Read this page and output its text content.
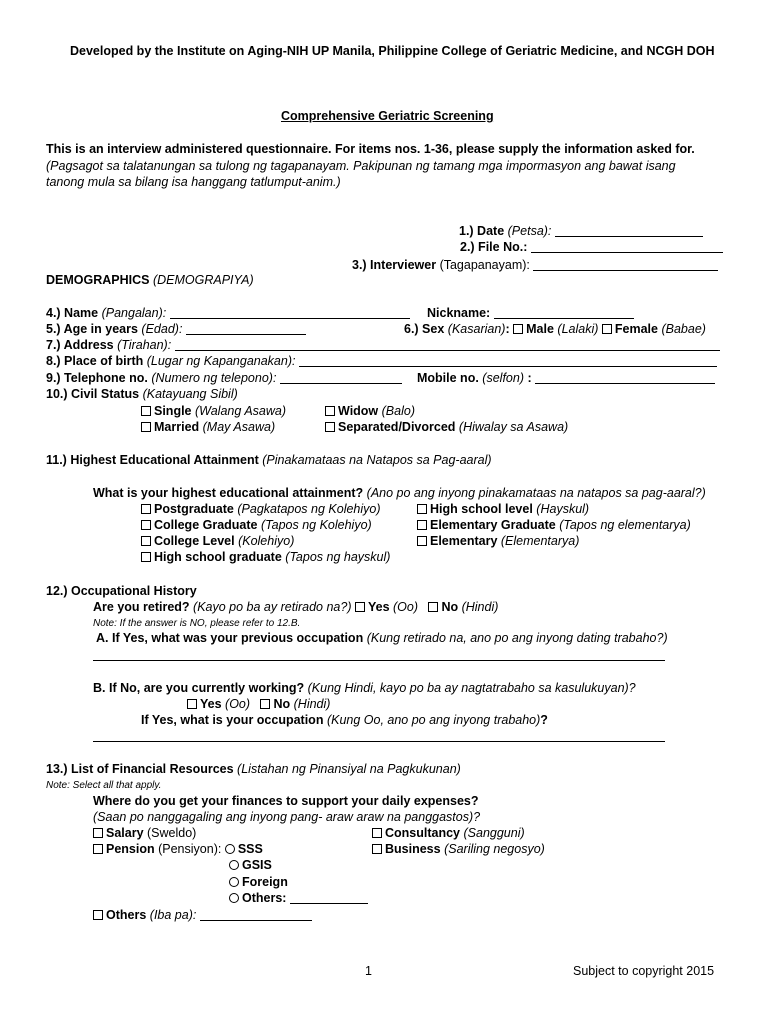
Developed by the Institute on Aging-NIH UP Manila, Philippine College of Geriatric Medicine, and NCGH DOH
Comprehensive Geriatric Screening
This is an interview administered questionnaire. For items nos. 1-36, please supply the information asked for.
(Pagsagot sa talatanungan sa tulong ng tagapanayam. Pakipunan ng tamang mga impormasyon ang bawat isang
tanong mula sa bilang isa hanggang tatlumput-anim.)
1.) Date (Petsa):
2.) File No.:
3.) Interviewer (Tagapanayam):
DEMOGRAPHICS (DEMOGRAPIYA)
4.) Name (Pangalan):	Nickname:
5.) Age in years (Edad):	6.) Sex (Kasarian): Male (Lalaki) Female (Babae)
7.) Address (Tirahan):
8.) Place of birth (Lugar ng Kapanganakan):
9.) Telephone no. (Numero ng telepono):	Mobile no. (selfon) :
10.) Civil Status (Katayuang Sibil)
Single (Walang Asawa)	Widow (Balo)
Married (May Asawa)	Separated/Divorced (Hiwalay sa Asawa)
11.) Highest Educational Attainment (Pinakamataas na Natapos sa Pag-aaral)
What is your highest educational attainment? (Ano po ang inyong pinakamataas na natapos sa pag-aaral?)
Postgraduate (Pagkatapos ng Kolehiyo)	High school level (Hayskul)
College Graduate (Tapos ng Kolehiyo)	Elementary Graduate (Tapos ng elementarya)
College Level (Kolehiyo)	Elementary (Elementarya)
High school graduate (Tapos ng hayskul)
12.) Occupational History
Are you retired? (Kayo po ba ay retirado na?) Yes (Oo) No (Hindi)
Note: If the answer is NO, please refer to 12.B.
A. If Yes, what was your previous occupation (Kung retirado na, ano po ang inyong dating trabaho?)
B. If No, are you currently working? (Kung Hindi, kayo po ba ay nagtatrabaho sa kasulukuyan)?
Yes (Oo) No (Hindi)
If Yes, what is your occupation (Kung Oo, ano po ang inyong trabaho)?
13.) List of Financial Resources (Listahan ng Pinansiyal na Pagkukunan)
Note: Select all that apply.
Where do you get your finances to support your daily expenses?
(Saan po nanggagaling ang inyong pang- araw araw na panggastos)?
Salary (Sweldo)	Consultancy (Sangguni)
Pension (Pensiyon): SSS	Business (Sariling negosyo)
GSIS
Foreign
Others:
Others (Iba pa):
1	Subject to copyright 2015
